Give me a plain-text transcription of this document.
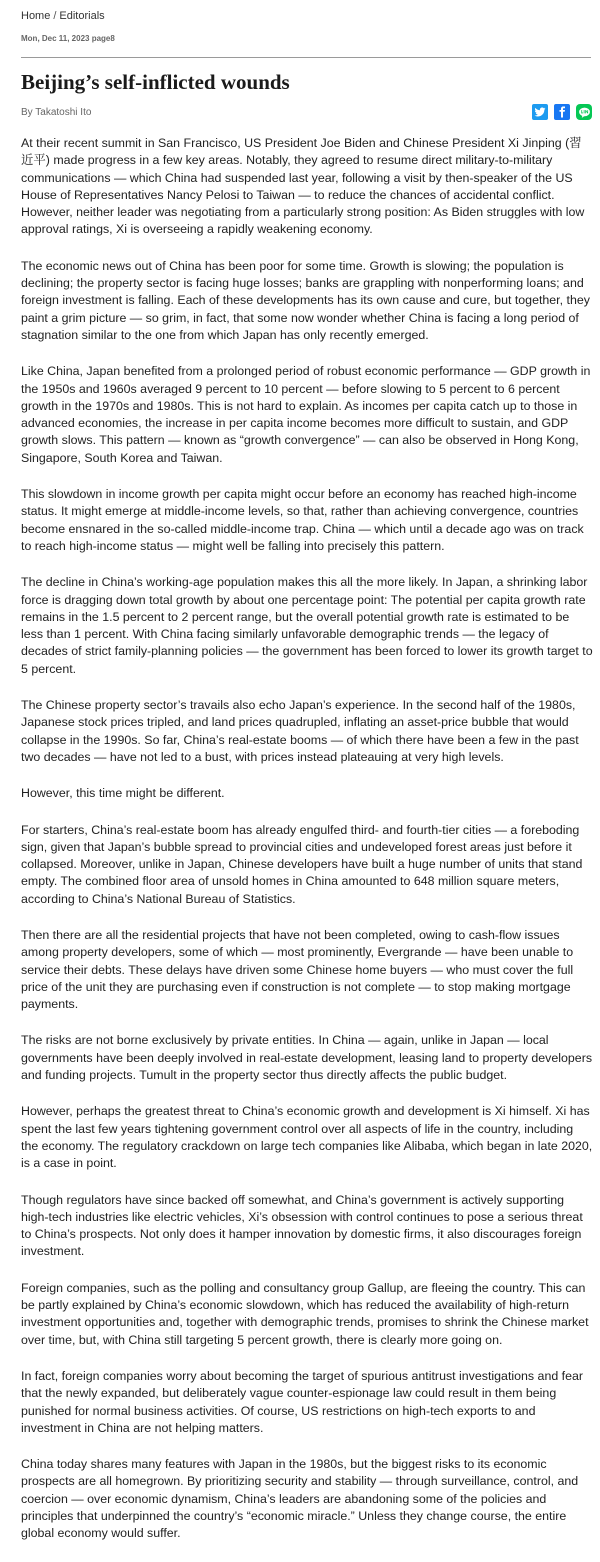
Home / Editorials
Mon, Dec 11, 2023 page8
Beijing’s self-inflicted wounds
By Takatoshi Ito

At their recent summit in San Francisco, US President Joe Biden and Chinese President Xi Jinping (習近平) made progress in a few key areas. Notably, they agreed to resume direct military-to-military communications — which China had suspended last year, following a visit by then-speaker of the US House of Representatives Nancy Pelosi to Taiwan — to reduce the chances of accidental conflict. However, neither leader was negotiating from a particularly strong position: As Biden struggles with low approval ratings, Xi is overseeing a rapidly weakening economy.

The economic news out of China has been poor for some time. Growth is slowing; the population is declining; the property sector is facing huge losses; banks are grappling with nonperforming loans; and foreign investment is falling. Each of these developments has its own cause and cure, but together, they paint a grim picture — so grim, in fact, that some now wonder whether China is facing a long period of stagnation similar to the one from which Japan has only recently emerged.

Like China, Japan benefited from a prolonged period of robust economic performance — GDP growth in the 1950s and 1960s averaged 9 percent to 10 percent — before slowing to 5 percent to 6 percent growth in the 1970s and 1980s. This is not hard to explain. As incomes per capita catch up to those in advanced economies, the increase in per capita income becomes more difficult to sustain, and GDP growth slows. This pattern — known as “growth convergence” — can also be observed in Hong Kong, Singapore, South Korea and Taiwan.

This slowdown in income growth per capita might occur before an economy has reached high-income status. It might emerge at middle-income levels, so that, rather than achieving convergence, countries become ensnared in the so-called middle-income trap. China — which until a decade ago was on track to reach high-income status — might well be falling into precisely this pattern.

The decline in China’s working-age population makes this all the more likely. In Japan, a shrinking labor force is dragging down total growth by about one percentage point: The potential per capita growth rate remains in the 1.5 percent to 2 percent range, but the overall potential growth rate is estimated to be less than 1 percent. With China facing similarly unfavorable demographic trends — the legacy of decades of strict family-planning policies — the government has been forced to lower its growth target to 5 percent.

The Chinese property sector’s travails also echo Japan’s experience. In the second half of the 1980s, Japanese stock prices tripled, and land prices quadrupled, inflating an asset-price bubble that would collapse in the 1990s. So far, China’s real-estate booms — of which there have been a few in the past two decades — have not led to a bust, with prices instead plateauing at very high levels.

However, this time might be different.

For starters, China’s real-estate boom has already engulfed third- and fourth-tier cities — a foreboding sign, given that Japan’s bubble spread to provincial cities and undeveloped forest areas just before it collapsed. Moreover, unlike in Japan, Chinese developers have built a huge number of units that stand empty. The combined floor area of unsold homes in China amounted to 648 million square meters, according to China’s National Bureau of Statistics.

Then there are all the residential projects that have not been completed, owing to cash-flow issues among property developers, some of which — most prominently, Evergrande — have been unable to service their debts. These delays have driven some Chinese home buyers — who must cover the full price of the unit they are purchasing even if construction is not complete — to stop making mortgage payments.

The risks are not borne exclusively by private entities. In China — again, unlike in Japan — local governments have been deeply involved in real-estate development, leasing land to property developers and funding projects. Tumult in the property sector thus directly affects the public budget.

However, perhaps the greatest threat to China’s economic growth and development is Xi himself. Xi has spent the last few years tightening government control over all aspects of life in the country, including the economy. The regulatory crackdown on large tech companies like Alibaba, which began in late 2020, is a case in point.

Though regulators have since backed off somewhat, and China’s government is actively supporting high-tech industries like electric vehicles, Xi’s obsession with control continues to pose a serious threat to China’s prospects. Not only does it hamper innovation by domestic firms, it also discourages foreign investment.

Foreign companies, such as the polling and consultancy group Gallup, are fleeing the country. This can be partly explained by China’s economic slowdown, which has reduced the availability of high-return investment opportunities and, together with demographic trends, promises to shrink the Chinese market over time, but, with China still targeting 5 percent growth, there is clearly more going on.

In fact, foreign companies worry about becoming the target of spurious antitrust investigations and fear that the newly expanded, but deliberately vague counter-espionage law could result in them being punished for normal business activities. Of course, US restrictions on high-tech exports to and investment in China are not helping matters.

China today shares many features with Japan in the 1980s, but the biggest risks to its economic prospects are all homegrown. By prioritizing security and stability — through surveillance, control, and coercion — over economic dynamism, China’s leaders are abandoning some of the policies and principles that underpinned the country’s “economic miracle.” Unless they change course, the entire global economy would suffer.
